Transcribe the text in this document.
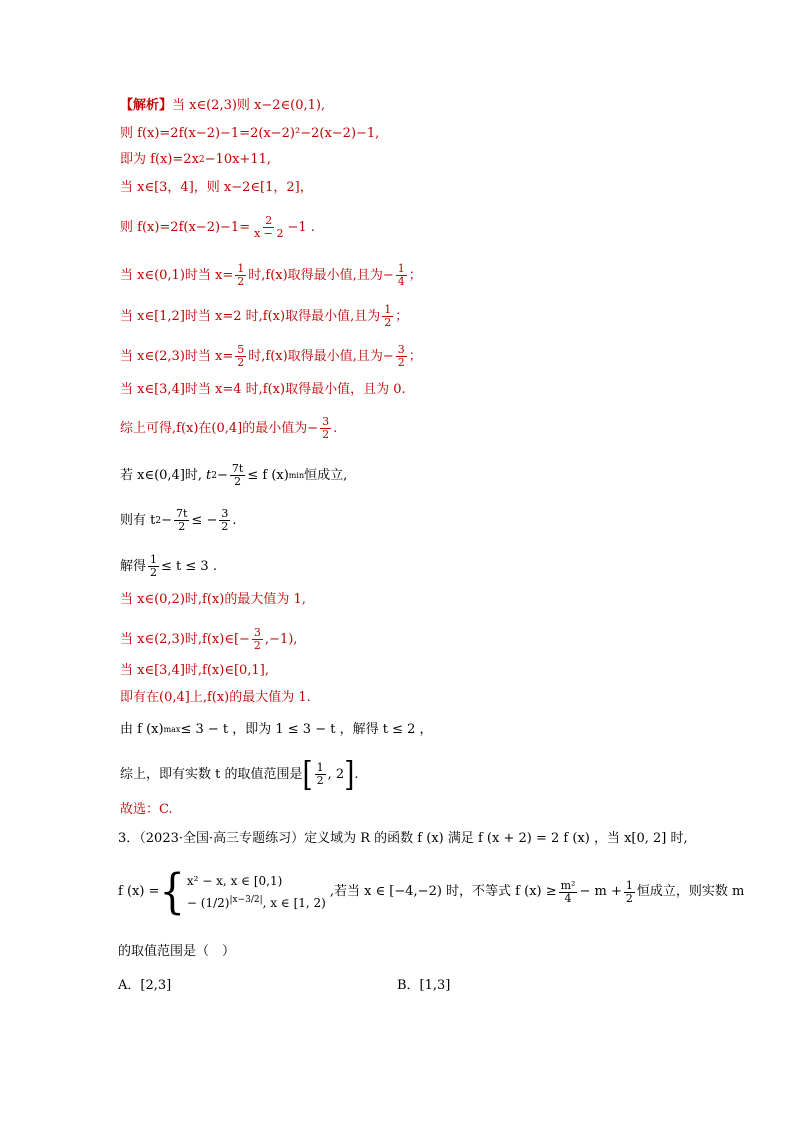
【解析】 当 x∈(2,3)则 x−2∈(0,1),
则 f(x)=2f(x−2)−1=2(x−2)²−2(x−2)−1,
即为 f(x)=2x 2 −10x+11,
当 x∈[3，4]，则 x−2∈[1，2]，
则 $f(x)=2f(x-2)-1= \frac{2}{x - 2} -1$ .
当 x∈(0,1)时当 $x= \frac{1}{2}$ 时,f(x)取得最小值,且为− $\frac{1}{4}$ ；
当 x∈[1,2]时当 x=2 时,f(x)取得最小值,且为 $\frac{1}{2}$ ；
当 x∈(2,3)时当 $x= \frac{5}{2}$ 时,f(x)取得最小值,且为− $\frac{3}{2}$ ；
当 x∈[3,4]时当 x=4 时,f(x)取得最小值，且为 0.
综上可得,f(x)在(0,4]的最小值为− $\frac{3}{2}$ .
若 x∈(0,4]时, t $2 - \frac{7t}{2} \le f$ (x) min 恒成立,
则有 t $2 - \frac{7t}{2}$ ≤ − $\frac{3}{2}$ .
解得 $\frac{1}{2} \le t \le 3$ .
当 x∈(0,2)时,f(x)的最大值为 1,
当 x∈(2,3)时,f(x)∈[− $\frac{3}{2} ,-1$),
当 x∈[3,4]时,f(x)∈[0,1],
即有在(0,4]上,f(x)的最大值为 1.
由 f (x) max ≤ 3 − t ，即为 1 ≤ 3 − t ，解得 t ≤ 2 ，
综上，即有实数 t 的取值范围是 [ $\frac{1}{2}$ , 2 ] .
故选：C.
3．（2023·全国·高三专题练习）定义域为 R 的函数 f (x) 满足 f (x + 2) = 2 f (x) ，当 x[0, 2] 时,
f (x) = { x² − x, x ∈ [0,1)
− $(1/2)^{|x-3/2|}$, x ∈ [1, 2)
,若当 x ∈ [−4,−2) 时，不等式 f $(x) \ge \frac{\text{m²}}{4} - m + \frac{1}{2}$ 恒成立，则实数 m
的取值范围是（　）
A．[2,3]	B．[1,3]
